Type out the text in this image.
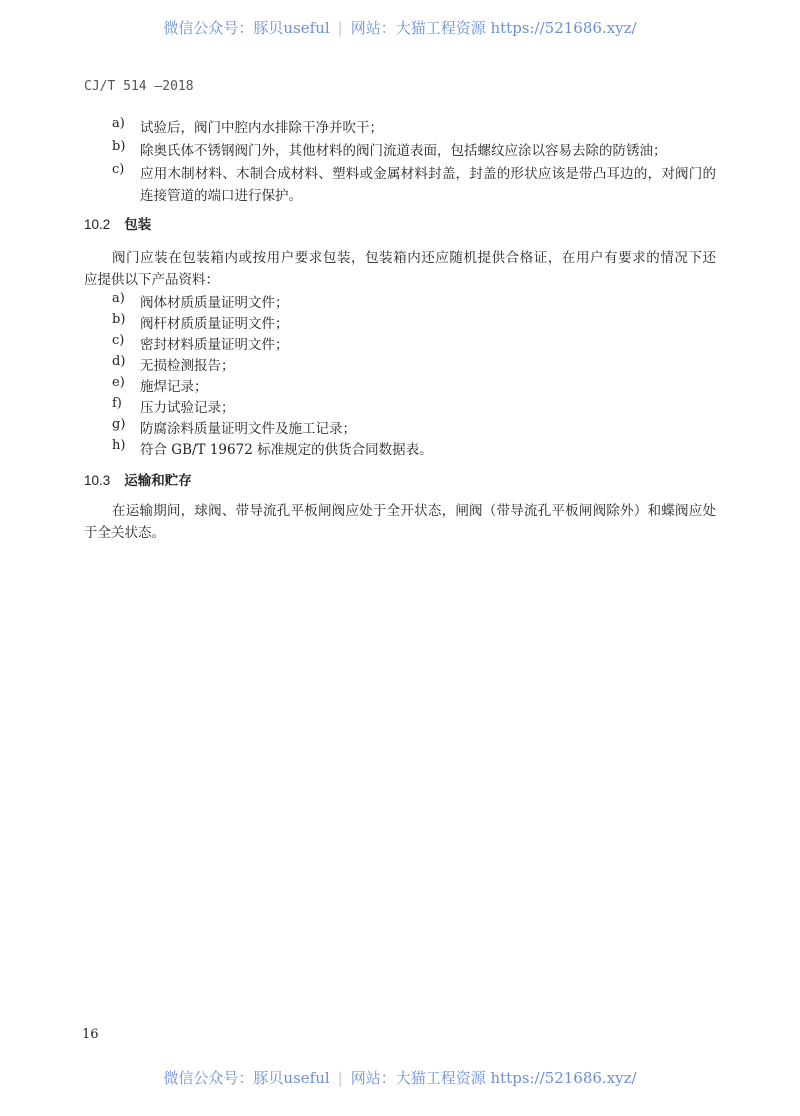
微信公众号：豚贝useful | 网站：大猫工程资源 https://521686.xyz/
CJ/T 514 —2018
a) 试验后，阀门中腔内水排除干净并吹干；
b) 除奥氏体不锈钢阀门外，其他材料的阀门流道表面，包括螺纹应涂以容易去除的防锈油；
c) 应用木制材料、木制合成材料、塑料或金属材料封盖，封盖的形状应该是带凸耳边的，对阀门的
连接管道的端口进行保护。
10.2 包装
阀门应装在包装箱内或按用户要求包装，包装箱内还应随机提供合格证，在用户有要求的情况下还
应提供以下产品资料：
a) 阀体材质质量证明文件；
b) 阀杆材质质量证明文件；
c) 密封材料质量证明文件；
d) 无损检测报告；
e) 施焊记录；
f) 压力试验记录；
g) 防腐涂料质量证明文件及施工记录；
h) 符合 GB/T 19672 标准规定的供货合同数据表。
10.3 运输和贮存
在运输期间，球阀、带导流孔平板闸阀应处于全开状态，闸阀（带导流孔平板闸阀除外）和蝶阀应处
于全关状态。
16
微信公众号：豚贝useful | 网站：大猫工程资源 https://521686.xyz/
